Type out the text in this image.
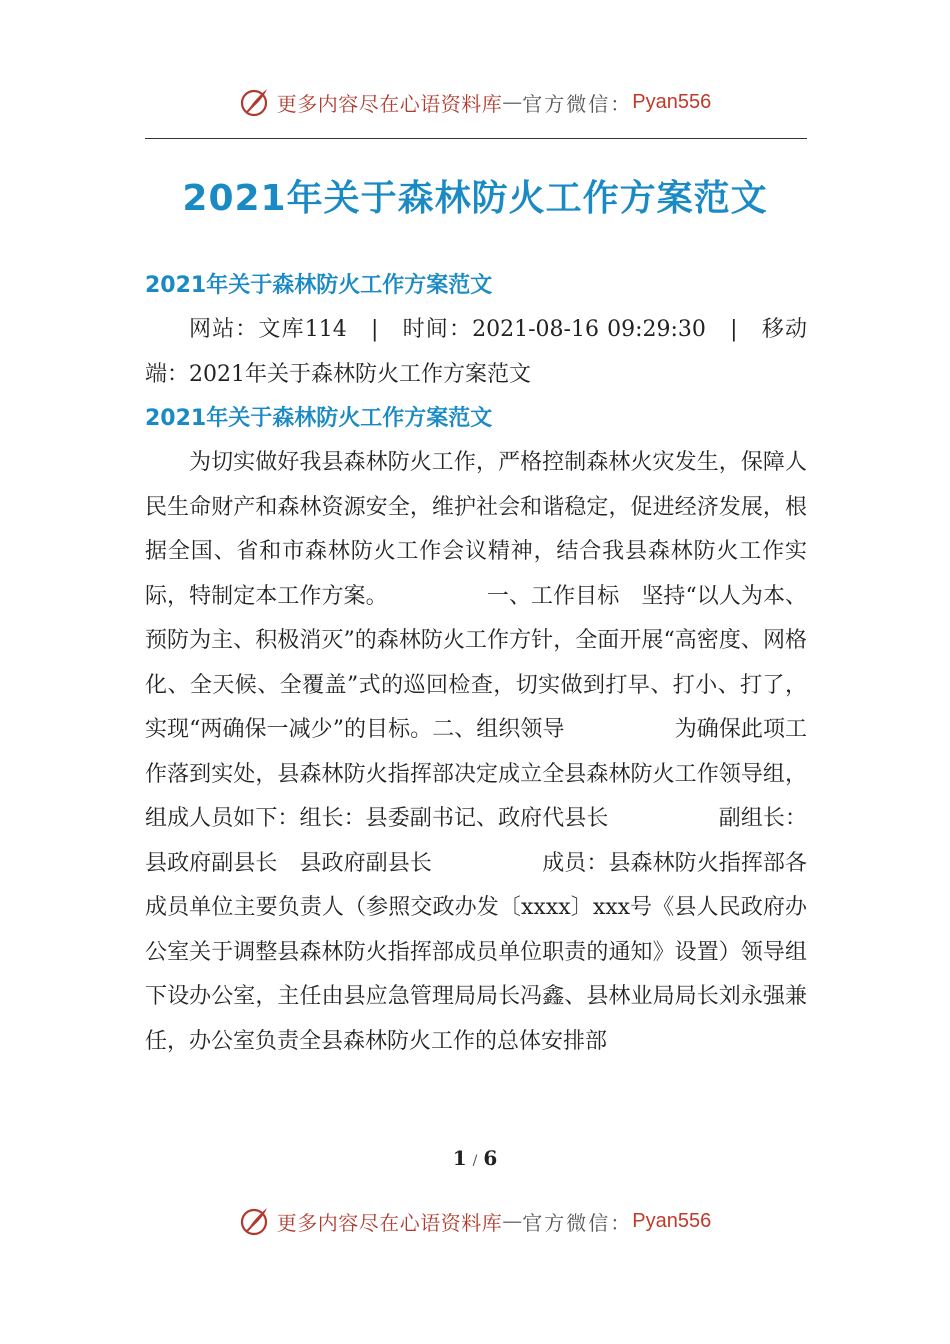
更多内容尽在心语资料库 — 官方微信： Pyan556
2021年关于森林防火工作方案范文

2021年关于森林防火工作方案范文

网站：文库114　|　时间：2021-08-16 09:29:30　|　移动端：2021年关于森林防火工作方案范文

2021年关于森林防火工作方案范文

为切实做好我县森林防火工作，严格控制森林火灾发生，保障人民生命财产和森林资源安全，维护社会和谐稳定，促进经济发展，根据全国、省和市森林防火工作会议精神，结合我县森林防火工作实际，特制定本工作方案。　　　　　一、工作目标　坚持“以人为本、预防为主、积极消灭”的森林防火工作方针，全面开展“高密度、网格化、全天候、全覆盖”式的巡回检查，切实做到打早、打小、打了，实现“两确保一减少”的目标。二、组织领导　　　　　为确保此项工作落到实处，县森林防火指挥部决定成立全县森林防火工作领导组，组成人员如下：组长：县委副书记、政府代县长　　　　　副组长：县政府副县长　县政府副县长　　　　　成员：县森林防火指挥部各成员单位主要负责人（参照交政办发〔xxxx〕xxx号《县人民政府办公室关于调整县森林防火指挥部成员单位职责的通知》设置）领导组下设办公室，主任由县应急管理局局长冯鑫、县林业局局长刘永强兼任，办公室负责全县森林防火工作的总体安排部

1 / 6
更多内容尽在心语资料库 — 官方微信： Pyan556
